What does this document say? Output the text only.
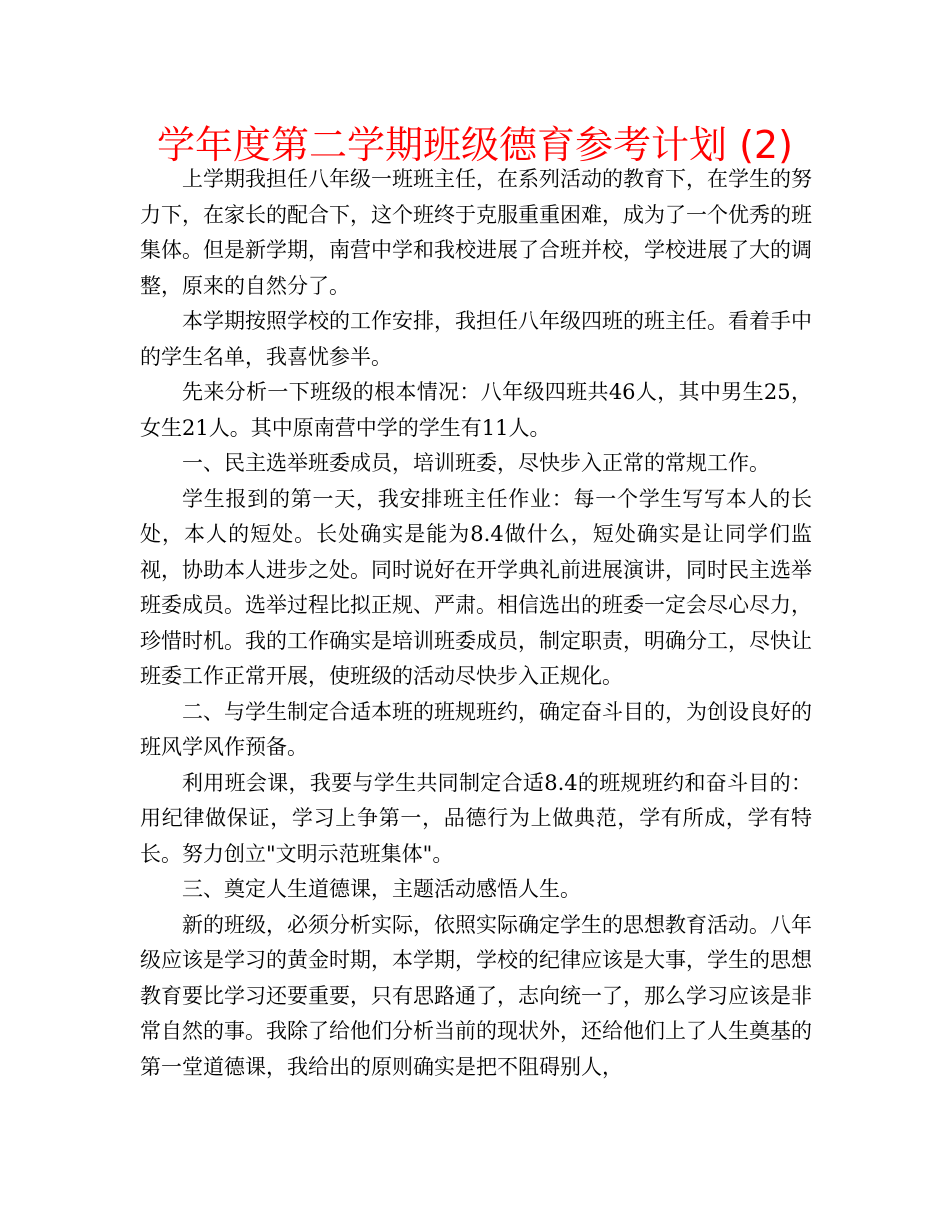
学年度第二学期班级德育参考计划 (2)

上学期我担任八年级一班班主任，在系列活动的教育下，在学生的努力下，在家长的配合下，这个班终于克服重重困难，成为了一个优秀的班集体。但是新学期，南营中学和我校进展了合班并校，学校进展了大的调整，原来的自然分了。

本学期按照学校的工作安排，我担任八年级四班的班主任。看着手中的学生名单，我喜忧参半。

先来分析一下班级的根本情况：八年级四班共46人，其中男生25，女生21人。其中原南营中学的学生有11人。

一、民主选举班委成员，培训班委，尽快步入正常的常规工作。

学生报到的第一天，我安排班主任作业：每一个学生写写本人的长处，本人的短处。长处确实是能为8.4做什么，短处确实是让同学们监视，协助本人进步之处。同时说好在开学典礼前进展演讲，同时民主选举班委成员。选举过程比拟正规、严肃。相信选出的班委一定会尽心尽力，珍惜时机。我的工作确实是培训班委成员，制定职责，明确分工，尽快让班委工作正常开展，使班级的活动尽快步入正规化。

二、与学生制定合适本班的班规班约，确定奋斗目的，为创设良好的班风学风作预备。

利用班会课，我要与学生共同制定合适8.4的班规班约和奋斗目的：用纪律做保证，学习上争第一，品德行为上做典范，学有所成，学有特长。努力创立"文明示范班集体"。

三、奠定人生道德课，主题活动感悟人生。

新的班级，必须分析实际，依照实际确定学生的思想教育活动。八年级应该是学习的黄金时期，本学期，学校的纪律应该是大事，学生的思想教育要比学习还要重要，只有思路通了，志向统一了，那么学习应该是非常自然的事。我除了给他们分析当前的现状外，还给他们上了人生奠基的第一堂道德课，我给出的原则确实是把不阻碍别人，
